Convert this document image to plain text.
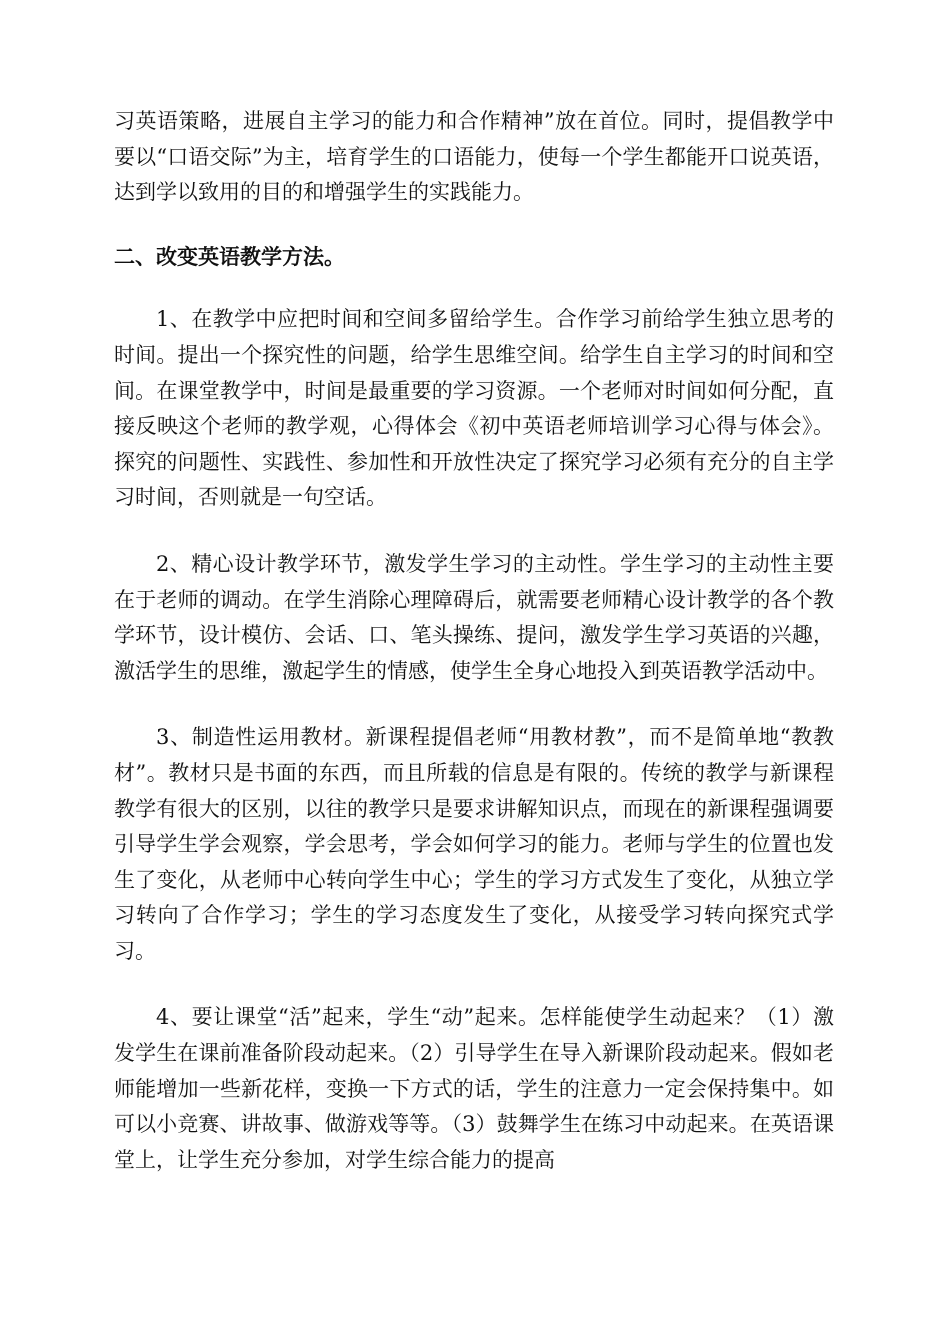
习英语策略，进展自主学习的能力和合作精神”放在首位。同时，提倡教学中要以“口语交际”为主，培育学生的口语能力，使每一个学生都能开口说英语，达到学以致用的目的和增强学生的实践能力。

二、改变英语教学方法。

1、在教学中应把时间和空间多留给学生。合作学习前给学生独立思考的时间。提出一个探究性的问题，给学生思维空间。给学生自主学习的时间和空间。在课堂教学中，时间是最重要的学习资源。一个老师对时间如何分配，直接反映这个老师的教学观，心得体会《初中英语老师培训学习心得与体会》。探究的问题性、实践性、参加性和开放性决定了探究学习必须有充分的自主学习时间，否则就是一句空话。

2、精心设计教学环节，激发学生学习的主动性。学生学习的主动性主要在于老师的调动。在学生消除心理障碍后，就需要老师精心设计教学的各个教学环节，设计模仿、会话、口、笔头操练、提问，激发学生学习英语的兴趣，激活学生的思维，激起学生的情感，使学生全身心地投入到英语教学活动中。

3、制造性运用教材。新课程提倡老师“用教材教”，而不是简单地“教教材”。教材只是书面的东西，而且所载的信息是有限的。传统的教学与新课程教学有很大的区别，以往的教学只是要求讲解知识点，而现在的新课程强调要引导学生学会观察，学会思考，学会如何学习的能力。老师与学生的位置也发生了变化，从老师中心转向学生中心；学生的学习方式发生了变化，从独立学习转向了合作学习；学生的学习态度发生了变化，从接受学习转向探究式学习。

4、要让课堂“活”起来，学生“动”起来。怎样能使学生动起来？（1）激发学生在课前准备阶段动起来。（2）引导学生在导入新课阶段动起来。假如老师能增加一些新花样，变换一下方式的话，学生的注意力一定会保持集中。如可以小竞赛、讲故事、做游戏等等。（3）鼓舞学生在练习中动起来。在英语课堂上，让学生充分参加，对学生综合能力的提高
